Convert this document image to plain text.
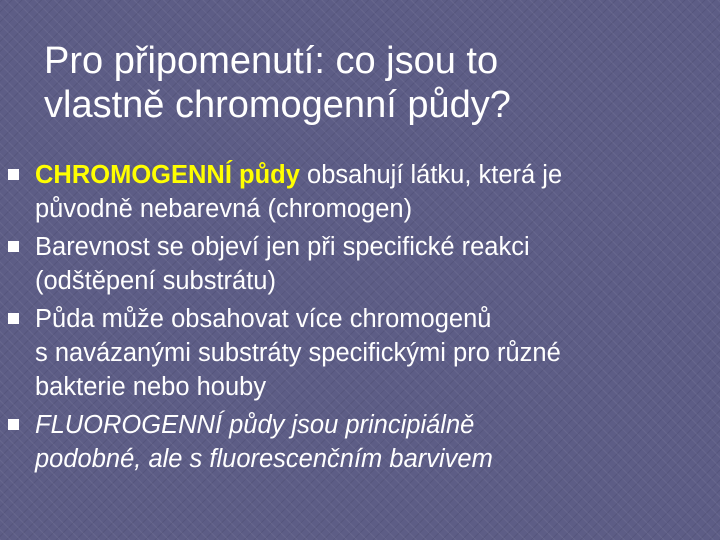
Pro připomenutí: co jsou to
vlastně chromogenní půdy?
CHROMOGENNÍ půdy obsahují látku, která je
původně nebarevná (chromogen)
Barevnost se objeví jen při specifické reakci
(odštěpení substrátu)
Půda může obsahovat více chromogenů
s navázanými substráty specifickými pro různé
bakterie nebo houby
FLUOROGENNÍ půdy jsou principiálně
podobné, ale s fluorescenčním barvivem
